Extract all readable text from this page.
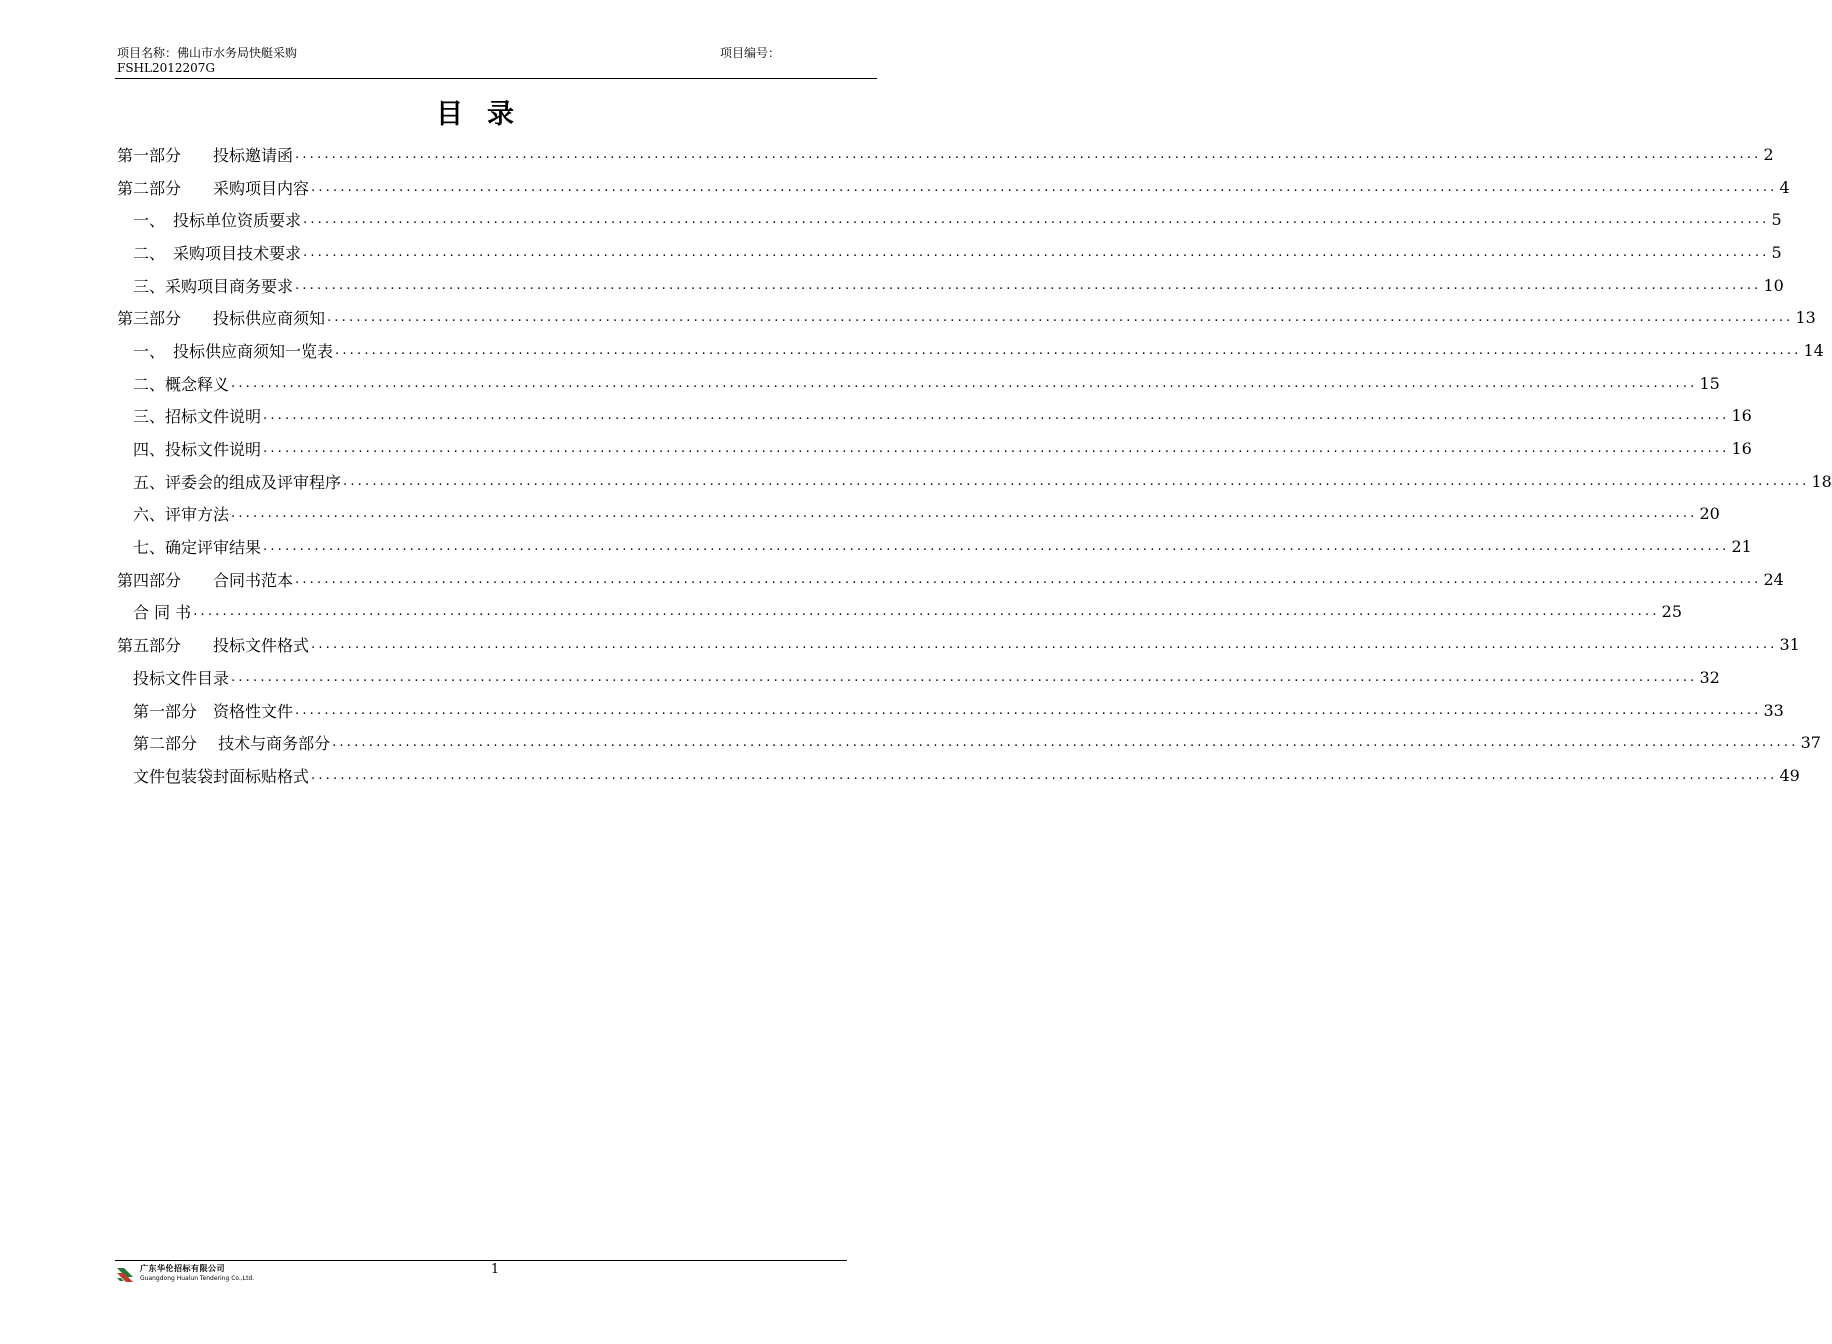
项目名称：佛山市水务局快艇采购
FSHL2012207G
项目编号：
目录
第一部分　　投标邀请函 ........................................................................................................................................................................................................ 2
第二部分　　采购项目内容 ........................................................................................................................................................................................................ 4
一、　投标单位资质要求 ........................................................................................................................................................................................................ 5
二、　采购项目技术要求 ........................................................................................................................................................................................................ 5
三、采购项目商务要求 ........................................................................................................................................................................................................ 10
第三部分　　投标供应商须知 ........................................................................................................................................................................................................ 13
一、　投标供应商须知一览表 ........................................................................................................................................................................................................ 14
二、概念释义 ........................................................................................................................................................................................................ 15
三、招标文件说明 ........................................................................................................................................................................................................ 16
四、投标文件说明 ........................................................................................................................................................................................................ 16
五、评委会的组成及评审程序 ........................................................................................................................................................................................................ 18
六、评审方法 ........................................................................................................................................................................................................ 20
七、确定评审结果 ........................................................................................................................................................................................................ 21
第四部分　　合同书范本 ........................................................................................................................................................................................................ 24
合 同 书 ........................................................................................................................................................................................................ 25
第五部分　　投标文件格式 ........................................................................................................................................................................................................ 31
投标文件目录 ........................................................................................................................................................................................................ 32
第一部分　资格性文件 ........................................................................................................................................................................................................ 33
第二部分　 技术与商务部分 ........................................................................................................................................................................................................ 37
文件包装袋封面标贴格式 ........................................................................................................................................................................................................ 49
广东华伦招标有限公司
Guangdong Hualun Tendering Co.,Ltd.
1
